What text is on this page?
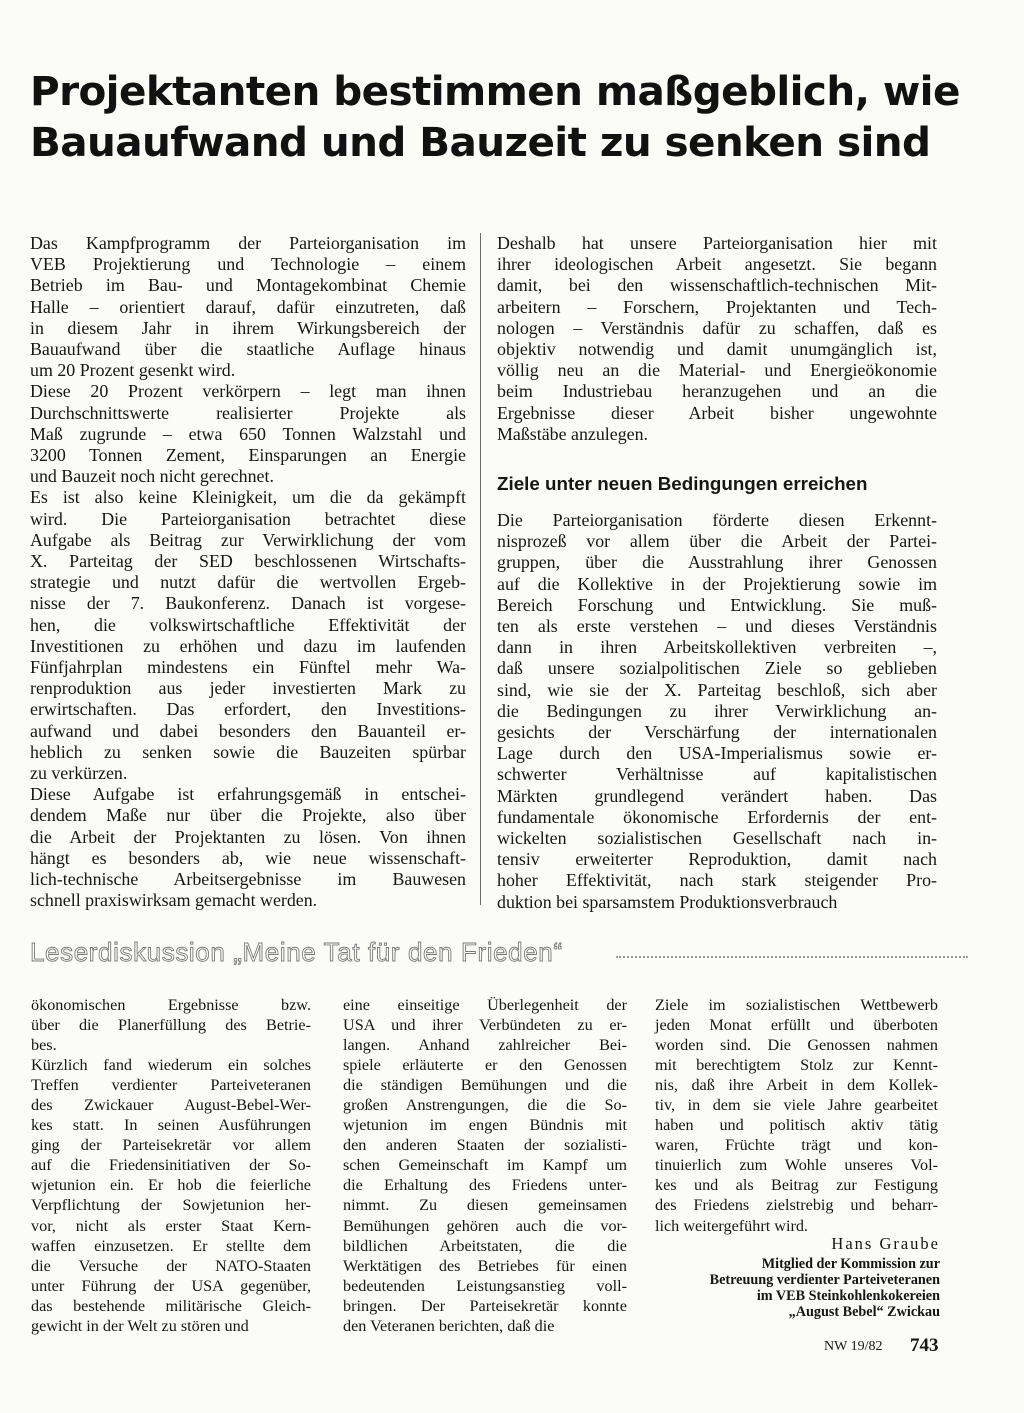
Projektanten bestimmen maßgeblich, wie
Bauaufwand und Bauzeit zu senken sind

Das Kampfprogramm der Parteiorganisation im
VEB Projektierung und Technologie – einem
Betrieb im Bau- und Montagekombinat Chemie
Halle – orientiert darauf, dafür einzutreten, daß
in diesem Jahr in ihrem Wirkungsbereich der
Bauaufwand über die staatliche Auflage hinaus
um 20 Prozent gesenkt wird.

Diese 20 Prozent verkörpern – legt man ihnen
Durchschnittswerte realisierter Projekte als
Maß zugrunde – etwa 650 Tonnen Walzstahl und
3200 Tonnen Zement, Einsparungen an Energie
und Bauzeit noch nicht gerechnet.

Es ist also keine Kleinigkeit, um die da gekämpft
wird. Die Parteiorganisation betrachtet diese
Aufgabe als Beitrag zur Verwirklichung der vom
X. Parteitag der SED beschlossenen Wirtschafts-
strategie und nutzt dafür die wertvollen Ergeb-
nisse der 7. Baukonferenz. Danach ist vorgese-
hen, die volkswirtschaftliche Effektivität der
Investitionen zu erhöhen und dazu im laufenden
Fünfjahrplan mindestens ein Fünftel mehr Wa-
renproduktion aus jeder investierten Mark zu
erwirtschaften. Das erfordert, den Investitions-
aufwand und dabei besonders den Bauanteil er-
heblich zu senken sowie die Bauzeiten spürbar
zu verkürzen.

Diese Aufgabe ist erfahrungsgemäß in entschei-
dendem Maße nur über die Projekte, also über
die Arbeit der Projektanten zu lösen. Von ihnen
hängt es besonders ab, wie neue wissenschaft-
lich-technische Arbeitsergebnisse im Bauwesen
schnell praxiswirksam gemacht werden.

Deshalb hat unsere Parteiorganisation hier mit
ihrer ideologischen Arbeit angesetzt. Sie begann
damit, bei den wissenschaftlich-technischen Mit-
arbeitern – Forschern, Projektanten und Tech-
nologen – Verständnis dafür zu schaffen, daß es
objektiv notwendig und damit unumgänglich ist,
völlig neu an die Material- und Energieökonomie
beim Industriebau heranzugehen und an die
Ergebnisse dieser Arbeit bisher ungewohnte
Maßstäbe anzulegen.

Ziele unter neuen Bedingungen erreichen

Die Parteiorganisation förderte diesen Erkennt-
nisprozeß vor allem über die Arbeit der Partei-
gruppen, über die Ausstrahlung ihrer Genossen
auf die Kollektive in der Projektierung sowie im
Bereich Forschung und Entwicklung. Sie muß-
ten als erste verstehen – und dieses Verständnis
dann in ihren Arbeitskollektiven verbreiten –,
daß unsere sozialpolitischen Ziele so geblieben
sind, wie sie der X. Parteitag beschloß, sich aber
die Bedingungen zu ihrer Verwirklichung an-
gesichts der Verschärfung der internationalen
Lage durch den USA-Imperialismus sowie er-
schwerter Verhältnisse auf kapitalistischen
Märkten grundlegend verändert haben. Das
fundamentale ökonomische Erfordernis der ent-
wickelten sozialistischen Gesellschaft nach in-
tensiv erweiterter Reproduktion, damit nach
hoher Effektivität, nach stark steigender Pro-
duktion bei sparsamstem Produktionsverbrauch

Leserdiskussion „Meine Tat für den Frieden“

ökonomischen Ergebnisse bzw.
über die Planerfüllung des Betrie-
bes.

Kürzlich fand wiederum ein solches
Treffen verdienter Parteiveteranen
des Zwickauer August-Bebel-Wer-
kes statt. In seinen Ausführungen
ging der Parteisekretär vor allem
auf die Friedensinitiativen der So-
wjetunion ein. Er hob die feierliche
Verpflichtung der Sowjetunion her-
vor, nicht als erster Staat Kern-
waffen einzusetzen. Er stellte dem
die Versuche der NATO-Staaten
unter Führung der USA gegenüber,
das bestehende militärische Gleich-
gewicht in der Welt zu stören und

eine einseitige Überlegenheit der
USA und ihrer Verbündeten zu er-
langen. Anhand zahlreicher Bei-
spiele erläuterte er den Genossen
die ständigen Bemühungen und die
großen Anstrengungen, die die So-
wjetunion im engen Bündnis mit
den anderen Staaten der sozialisti-
schen Gemeinschaft im Kampf um
die Erhaltung des Friedens unter-
nimmt. Zu diesen gemeinsamen
Bemühungen gehören auch die vor-
bildlichen Arbeitstaten, die die
Werktätigen des Betriebes für einen
bedeutenden Leistungsanstieg voll-
bringen. Der Parteisekretär konnte
den Veteranen berichten, daß die

Ziele im sozialistischen Wettbewerb
jeden Monat erfüllt und überboten
worden sind. Die Genossen nahmen
mit berechtigtem Stolz zur Kennt-
nis, daß ihre Arbeit in dem Kollek-
tiv, in dem sie viele Jahre gearbeitet
haben und politisch aktiv tätig
waren, Früchte trägt und kon-
tinuierlich zum Wohle unseres Vol-
kes und als Beitrag zur Festigung
des Friedens zielstrebig und beharr-
lich weitergeführt wird.

Hans Graube
Mitglied der Kommission zur
Betreuung verdienter Parteiveteranen
im VEB Steinkohlenkokereien
„August Bebel“ Zwickau
NW 19/82 743
